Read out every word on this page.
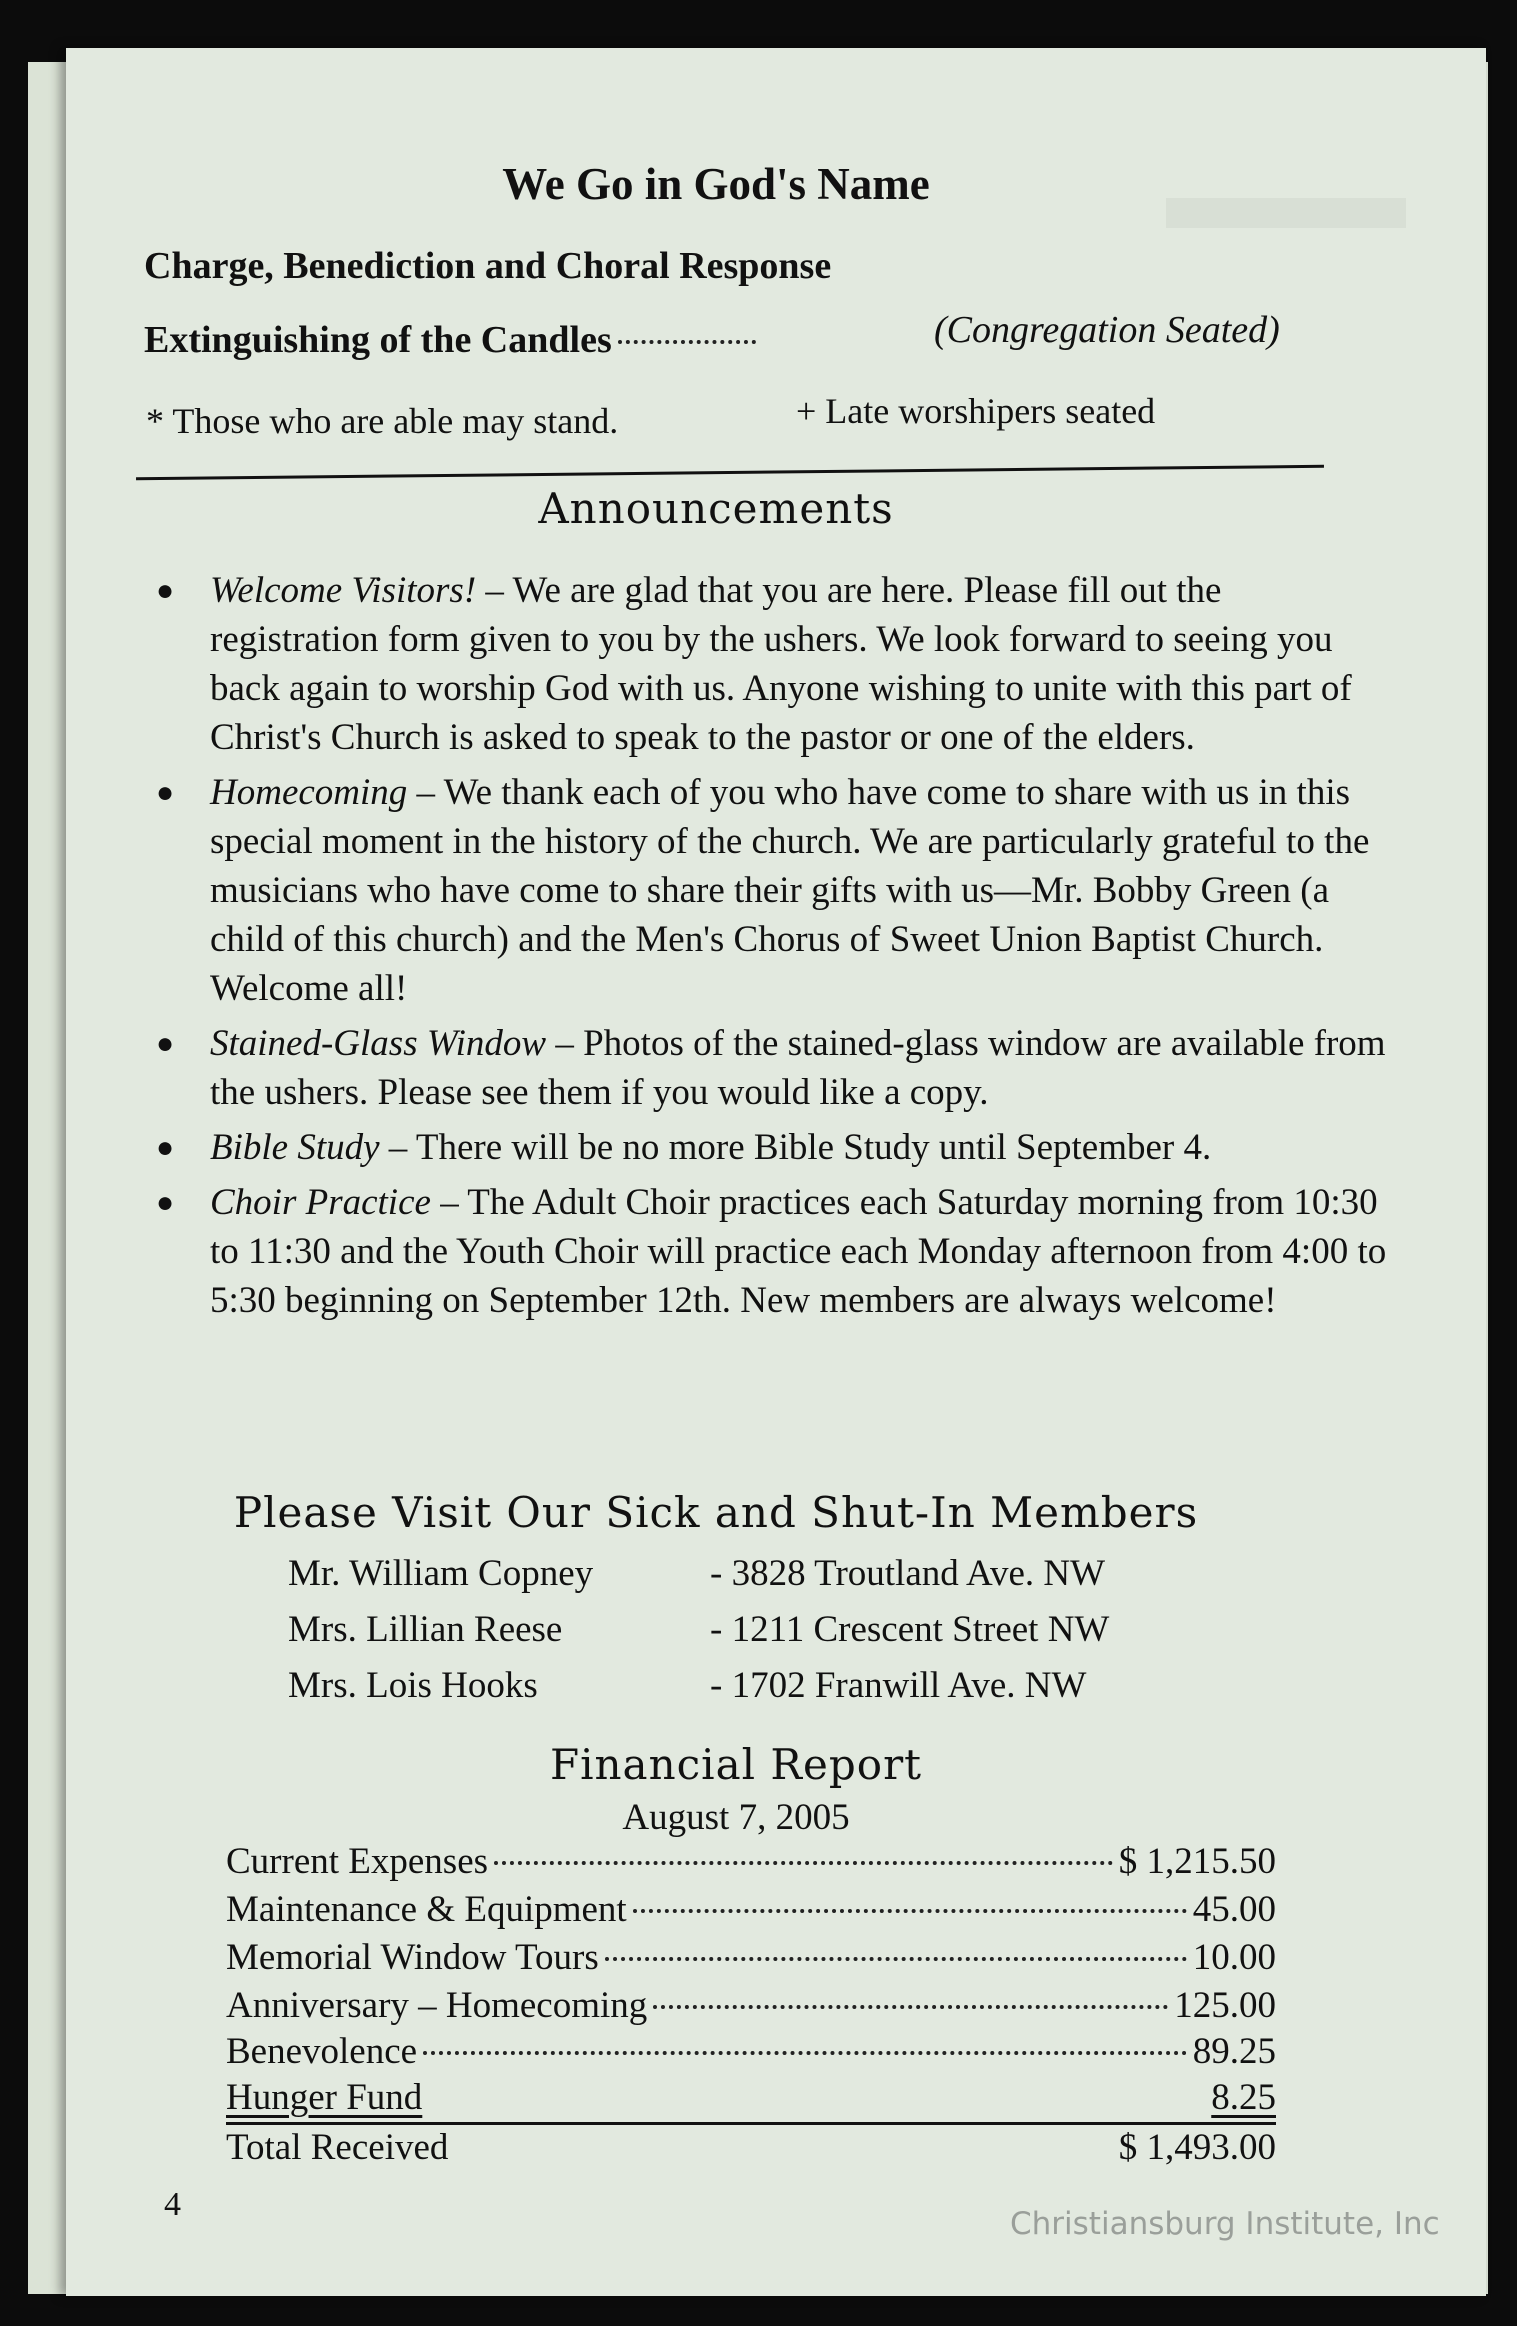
We Go in God's Name
Charge, Benediction and Choral Response
Extinguishing of the Candles	(Congregation Seated)
* Those who are able may stand.	+ Late worshipers seated
Announcements
● Welcome Visitors! – We are glad that you are here. Please fill out the registration form given to you by the ushers. We look forward to seeing you back again to worship God with us. Anyone wishing to unite with this part of Christ's Church is asked to speak to the pastor or one of the elders.
● Homecoming – We thank each of you who have come to share with us in this special moment in the history of the church. We are particularly grateful to the musicians who have come to share their gifts with us—Mr. Bobby Green (a child of this church) and the Men's Chorus of Sweet Union Baptist Church. Welcome all!
● Stained-Glass Window – Photos of the stained-glass window are available from the ushers. Please see them if you would like a copy.
● Bible Study – There will be no more Bible Study until September 4.
● Choir Practice – The Adult Choir practices each Saturday morning from 10:30 to 11:30 and the Youth Choir will practice each Monday afternoon from 4:00 to 5:30 beginning on September 12th. New members are always welcome!
Please Visit Our Sick and Shut-In Members
Mr. William Copney	- 3828 Troutland Ave. NW
Mrs. Lillian Reese	- 1211 Crescent Street NW
Mrs. Lois Hooks	- 1702 Franwill Ave. NW
Financial Report
August 7, 2005
Current Expenses	$ 1,215.50
Maintenance & Equipment	45.00
Memorial Window Tours	10.00
Anniversary – Homecoming	125.00
Benevolence	89.25
Hunger Fund	8.25
Total Received	$ 1,493.00
4
Christiansburg Institute, Inc
